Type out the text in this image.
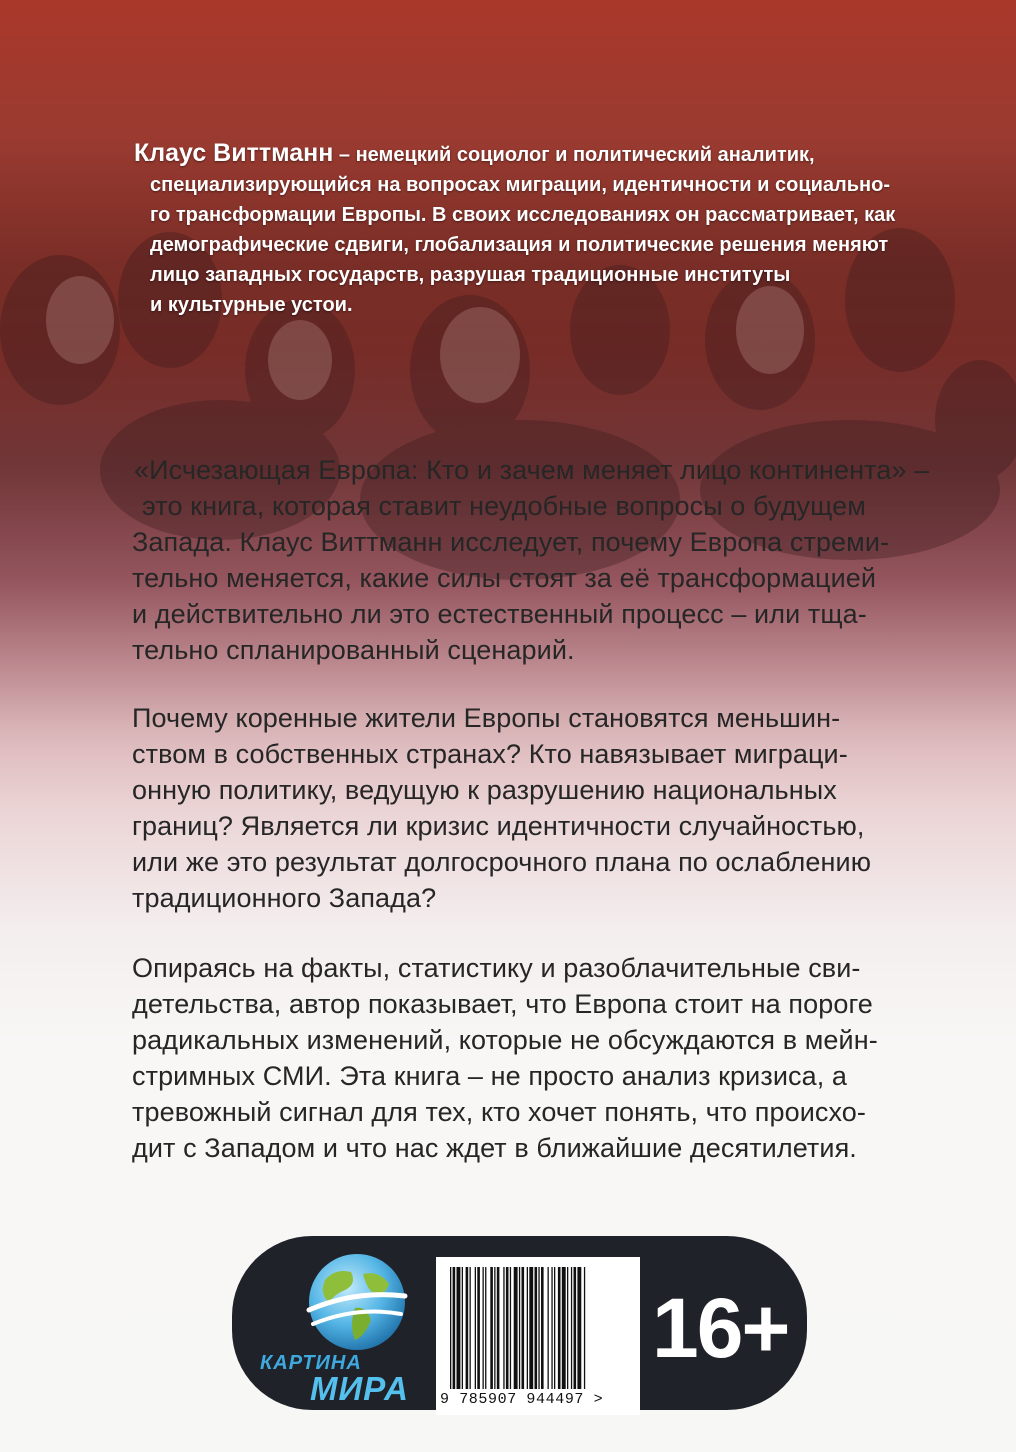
Клаус Виттманн – немецкий социолог и политический аналитик,
специализирующийся на вопросах миграции, идентичности и социально-
го трансформации Европы. В своих исследованиях он рассматривает, как
демографические сдвиги, глобализация и политические решения меняют
лицо западных государств, разрушая традиционные институты
и культурные устои.
«Исчезающая Европа: Кто и зачем меняет лицо континента» –
это книга, которая ставит неудобные вопросы о будущем
Запада. Клаус Виттманн исследует, почему Европа стреми-
тельно меняется, какие силы стоят за её трансформацией
и действительно ли это естественный процесс – или тща-
тельно спланированный сценарий.
Почему коренные жители Европы становятся меньшин-
ством в собственных странах? Кто навязывает миграци-
онную политику, ведущую к разрушению национальных
границ? Является ли кризис идентичности случайностью,
или же это результат долгосрочного плана по ослаблению
традиционного Запада?
Опираясь на факты, статистику и разоблачительные сви-
детельства, автор показывает, что Европа стоит на пороге
радикальных изменений, которые не обсуждаются в мейн-
стримных СМИ. Эта книга – не просто анализ кризиса, а
тревожный сигнал для тех, кто хочет понять, что происхо-
дит с Западом и что нас ждет в ближайшие десятилетия.
КАРТИНА
МИРА 9 785907 944497 >
16+
